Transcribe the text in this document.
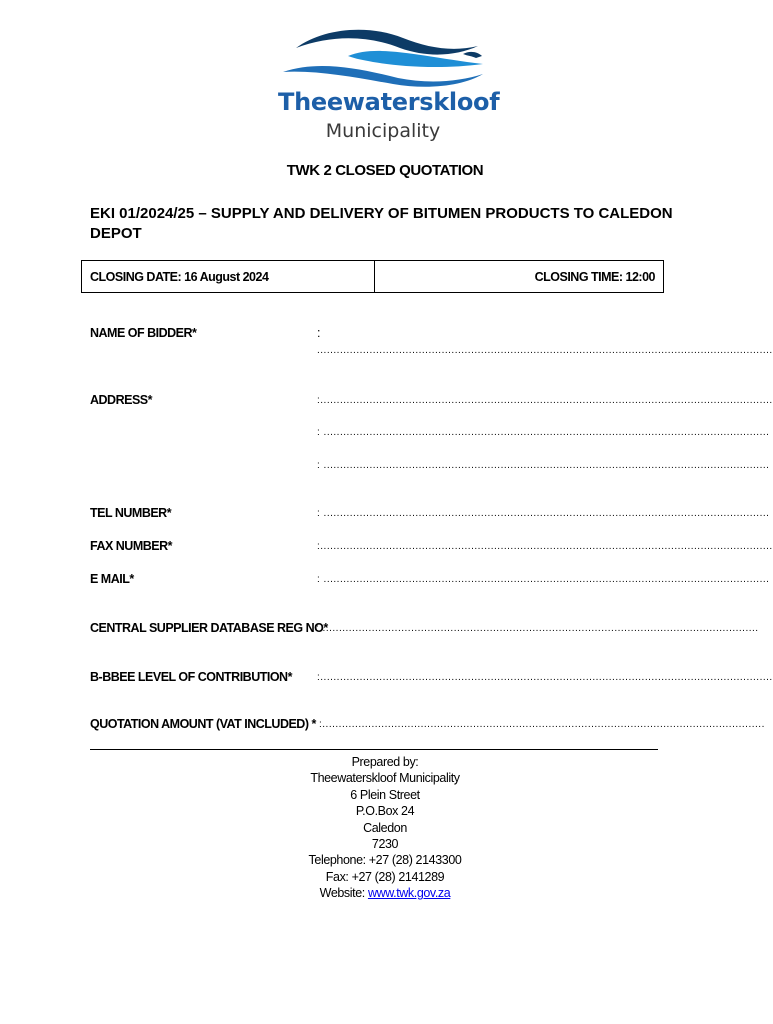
Theewaterskloof
Municipality
TWK 2 CLOSED QUOTATION
EKI 01/2024/25 – SUPPLY AND DELIVERY OF BITUMEN PRODUCTS TO CALEDON DEPOT
CLOSING DATE: 16 August 2024	CLOSING TIME: 12:00
NAME OF BIDDER*	:
...........................................................................................................................................
ADDRESS*	:..........................................................................................................................................
: ........................................................................................................................................
: ........................................................................................................................................
TEL NUMBER*	: ........................................................................................................................................
FAX NUMBER*	:..........................................................................................................................................
E MAIL*	: ........................................................................................................................................
CENTRAL SUPPLIER DATABASE REG NO*
:......................................................................................................................................
B-BBEE LEVEL OF CONTRIBUTION*	:..........................................................................................................................................
QUOTATION AMOUNT (VAT INCLUDED) * :.......................................................................................................................................
Prepared by:
Theewaterskloof Municipality
6 Plein Street
P.O.Box 24
Caledon
7230
Telephone: +27 (28) 2143300
Fax: +27 (28) 2141289
Website: www.twk.gov.za
